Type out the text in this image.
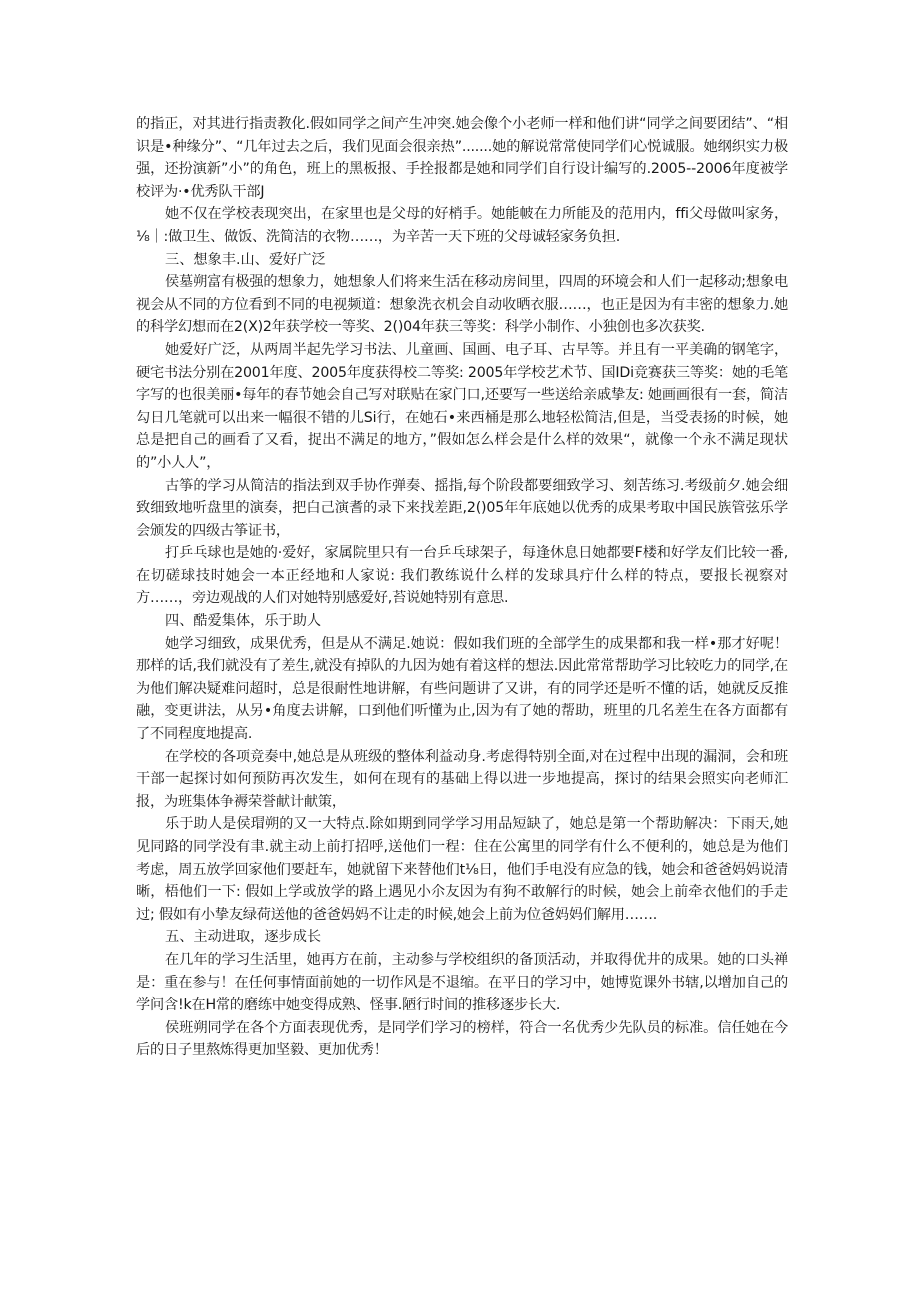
的指正，对其进行指责教化.假如同学之间产生冲突.她会像个小老师一样和他们讲“同学之间要团结”、“相识是•种缘分”、“几年过去之后，我们见面会很亲热”.......她的解说常常使同学们心悦诚服。她纲织实力极强，还扮演新”小”的角色，班上的黑板报、手拴报都是她和同学们自行设计编写的.2005--2006年度被学校评为·•优秀队干部J

她不仅在学校表现突出，在家里也是父母的好梢手。她能帔在力所能及的范用内，ffi父母做叫家务，⅛｜:做卫生、做饭、洗简洁的衣物……，为辛苦一天下班的父母诚轻家务负担.

三、想象丰.山、爱好广泛

侯墓朔富有极强的想象力，她想象人们将来生活在移动房间里，四周的环境会和人们一起移动;想象电视会从不同的方位看到不同的电视频道：想象洗衣机会自动收晒衣服……，也正是因为有丰密的想象力.她的科学幻想而在2(X)2年获学校一等奖、2()04年获三等奖：科学小制作、小独创也多次获奖.

她爱好广泛，从两周半起先学习书法、儿童画、国画、电子耳、古早等。并且有一平美确的钢笔字，硬宅书法分别在2001年度、2005年度获得校二等奖: 2005年学校艺术节、国IDi竞赛获三等奖：她的毛笔字写的也很美丽•每年的春节她会自己写对联贴在家门口,还要写一些送给亲戚挚友: 她画画很有一套，简洁勾日几笔就可以出来一幅很不错的儿Si行，在她石•来西桶是那么地轻松简洁,但是，当受表扬的时候，她总是把自己的画看了又看，捉出不满足的地方，”假如怎么样会是什么样的效果“，就像一个永不满足现状的”小人人”，

古筝的学习从简洁的指法到双手协作弹奏、摇指,每个阶段都要细致学习、刻苦练习.考级前夕.她会细致细致地听盘里的演奏，把白己演耆的录下来找差距,2()05年年底她以优秀的成果考取中国民族管弦乐学会颁发的四级古筝证书，

打乒乓球也是她的·爱好，家属院里只有一台乒乓球架子，每逢休息日她都要F楼和好学友们比较一番,在切磋球技时她会一本正经地和人家说: 我们教练说什么样的发球具疔什么样的特点，要报长视察对方……，旁边观战的人们对她特别感爱好,苔说她特别有意思.

四、酷爱集体，乐于助人

她学习细致，成果优秀，但是从不满足.她说：假如我们班的全部学生的成果都和我一样•那才好呢！那样的话,我们就没有了差生,就没有掉队的九因为她有着这样的想法.因此常常帮助学习比较吃力的同学,在为他们解决疑难问超时，总是很耐性地讲解，有些问题讲了又讲，有的同学还是听不懂的话，她就反反推融，变更讲法，从另•角度去讲解，口到他们听懂为止,因为有了她的帮助，班里的几名差生在各方面都有了不同程度地提高.

在学校的各项竞奏中,她总是从班级的整体利益动身.考虑得特别全面,对在过程中出现的漏洞，会和班干部一起探讨如何预防再次发生，如何在现有的基础上得以进一步地提高，探讨的结果会照实向老师汇报，为班集体争褥荣誉献计献策，

乐于助人是侯瑁朔的又一大特点.除如期到同学学习用品短缺了，她总是第一个帮助解决：下雨天,她见同路的同学没有聿.就主动上前打招呼,送他们一程：住在公寓里的同学有什么不便利的，她总是为他们考虑，周五放学回家他们要赶车，她就留下来替他们t⅛日，他们手电没有应急的钱，她会和爸爸妈妈说清晰，梧他们一下: 假如上学或放学的路上遇见小尒友因为有狗不敢解行的时候，她会上前牵衣他们的手走过; 假如有小挚友绿荷送他的爸爸妈妈不让走的时候,她会上前为位爸妈妈们解用…….

五、主动进取，逐步成长

在几年的学习生活里，她再方在前，主动参与学校组织的备顶活动，并取得优井的成果。她的口头禅是：重在参与！在任何事情面前她的一切作风是不退缩。在平日的学习中，她博览课外书辖,以增加自己的学问含!k在H常的磨练中她变得成熟、怪事.陋行时间的推移逐步长大.

侯班朔同学在各个方面表现优秀，是同学们学习的榜样，符合一名优秀少先队员的标准。信任她在今后的日子里熬炼得更加坚毅、更加优秀！
